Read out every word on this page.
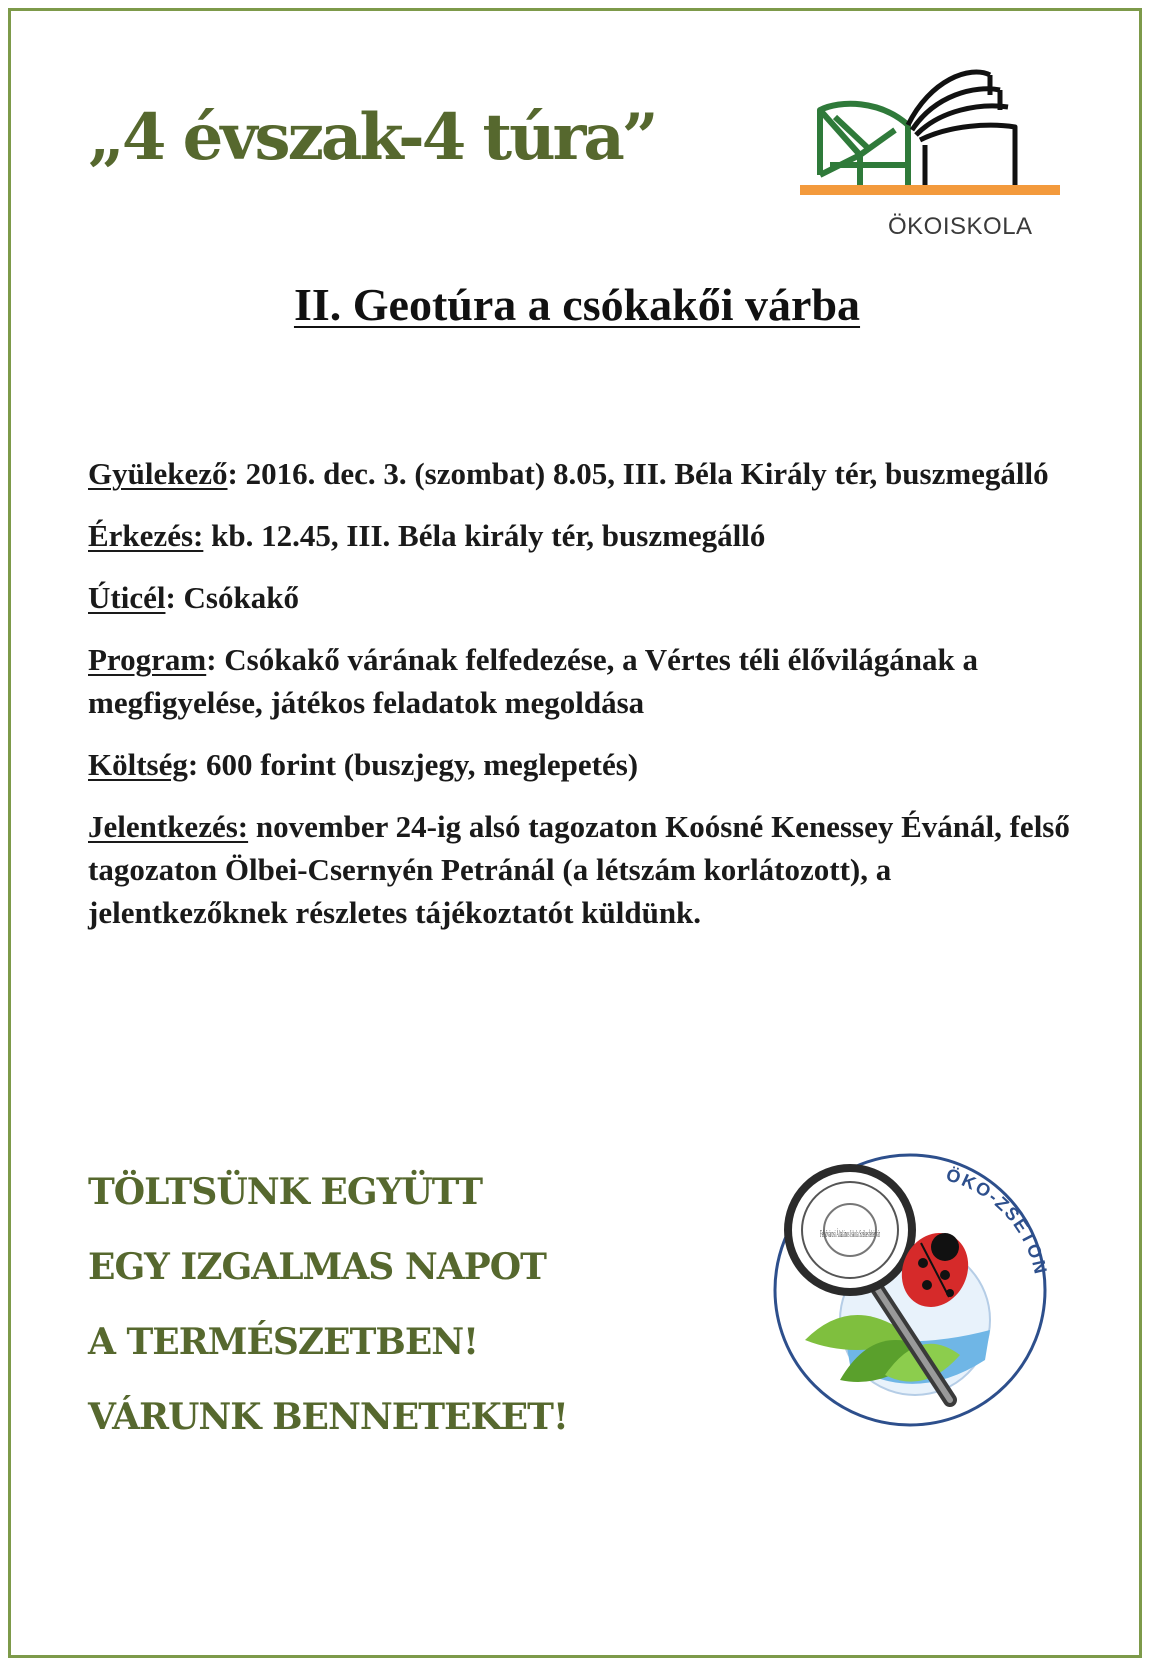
„4 évszak-4 túra”
ÖKOISKOLA
II. Geotúra a csókakői várba

Gyülekező: 2016. dec. 3. (szombat) 8.05, III. Béla Király tér, buszmegálló

Érkezés: kb. 12.45, III. Béla király tér, buszmegálló

Úticél: Csókakő

Program: Csókakő várának felfedezése, a Vértes téli élővilágának a megfigyelése, játékos feladatok megoldása

Költség: 600 forint (buszjegy, meglepetés)

Jelentkezés: november 24-ig alsó tagozaton Koósné Kenessey Évánál, felső tagozaton Ölbei-Csernyén Petránál (a létszám korlátozott), a jelentkezőknek részletes tájékoztatót küldünk.

TÖLTSÜNK EGYÜTT
EGY IZGALMAS NAPOT
A TERMÉSZETBEN!
VÁRUNK BENNETEKET!
ÖKO-ZSETON
